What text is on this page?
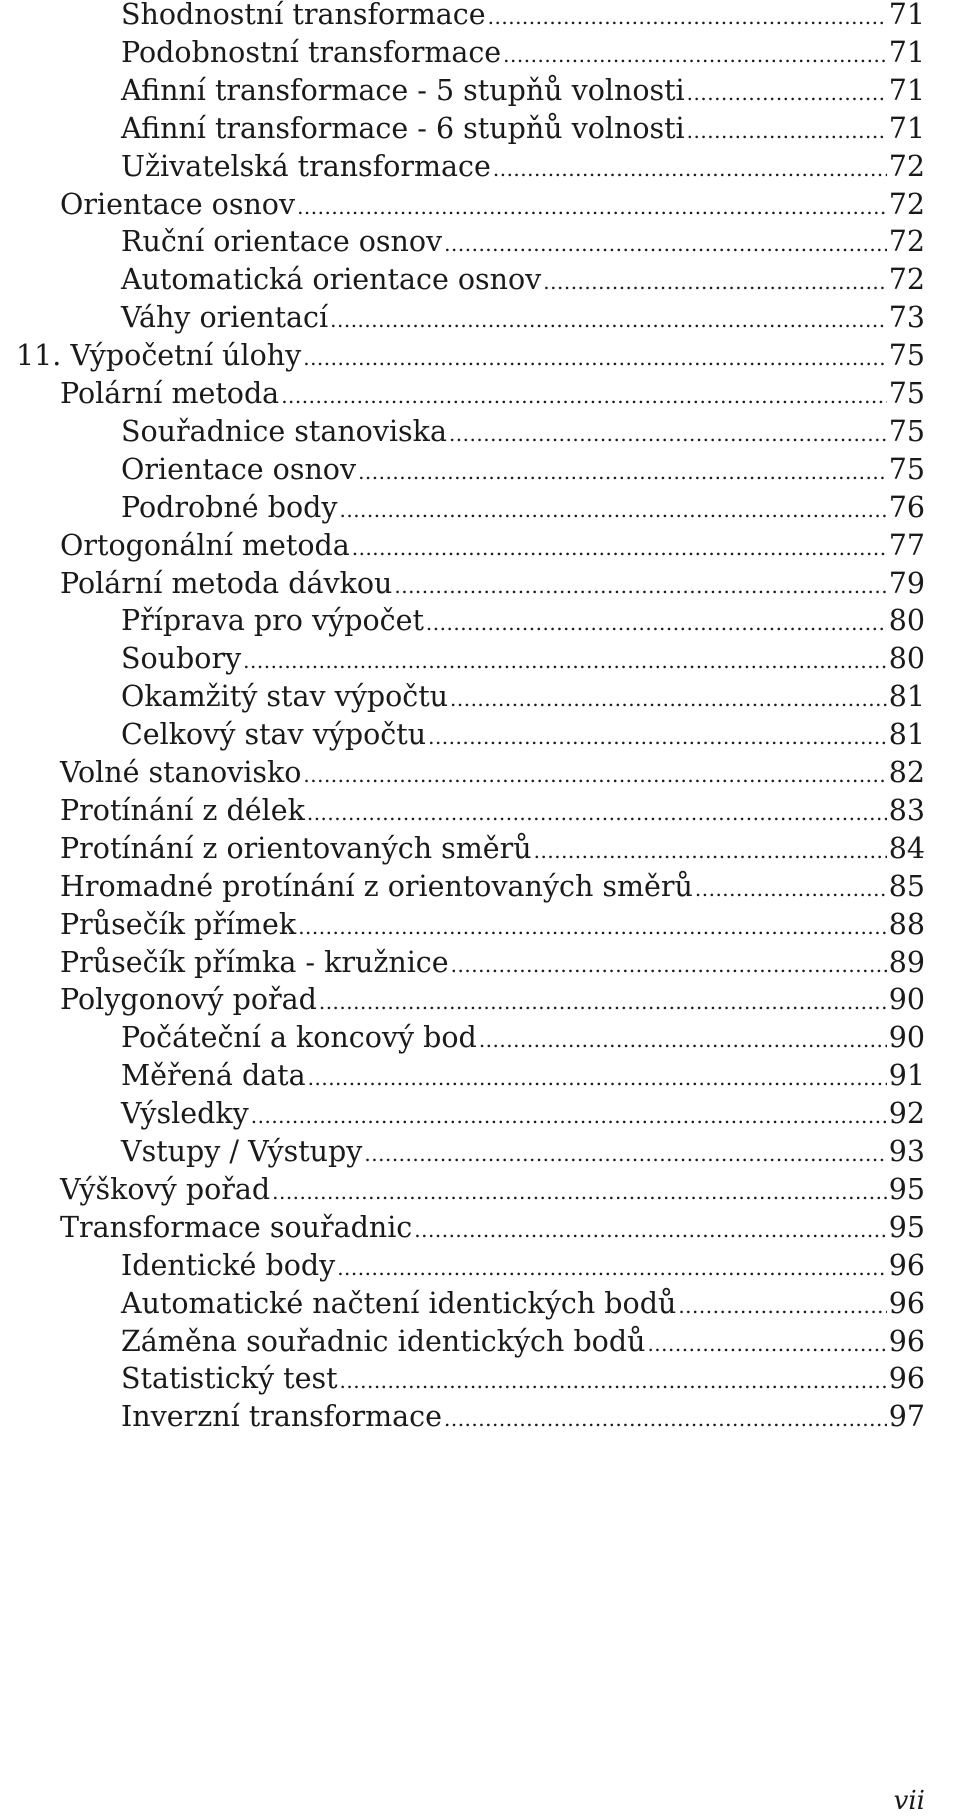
Shodnostní transformace .....	71
Podobnostní transformace .....	71
Afinní transformace - 5 stupňů volnosti .....	71
Afinní transformace - 6 stupňů volnosti .....	71
Uživatelská transformace .....	72
Orientace osnov .....	72
Ruční orientace osnov .....	72
Automatická orientace osnov .....	72
Váhy orientací .....	73
11. Výpočetní úlohy .....	75
Polární metoda .....	75
Souřadnice stanoviska .....	75
Orientace osnov .....	75
Podrobné body .....	76
Ortogonální metoda .....	77
Polární metoda dávkou .....	79
Příprava pro výpočet .....	80
Soubory .....	80
Okamžitý stav výpočtu .....	81
Celkový stav výpočtu .....	81
Volné stanovisko .....	82
Protínání z délek .....	83
Protínání z orientovaných směrů .....	84
Hromadné protínání z orientovaných směrů .....	85
Průsečík přímek .....	88
Průsečík přímka - kružnice .....	89
Polygonový pořad .....	90
Počáteční a koncový bod .....	90
Měřená data .....	91
Výsledky .....	92
Vstupy / Výstupy .....	93
Výškový pořad .....	95
Transformace souřadnic .....	95
Identické body .....	96
Automatické načtení identických bodů .....	96
Záměna souřadnic identických bodů .....	96
Statistický test .....	96
Inverzní transformace .....	97
vii
